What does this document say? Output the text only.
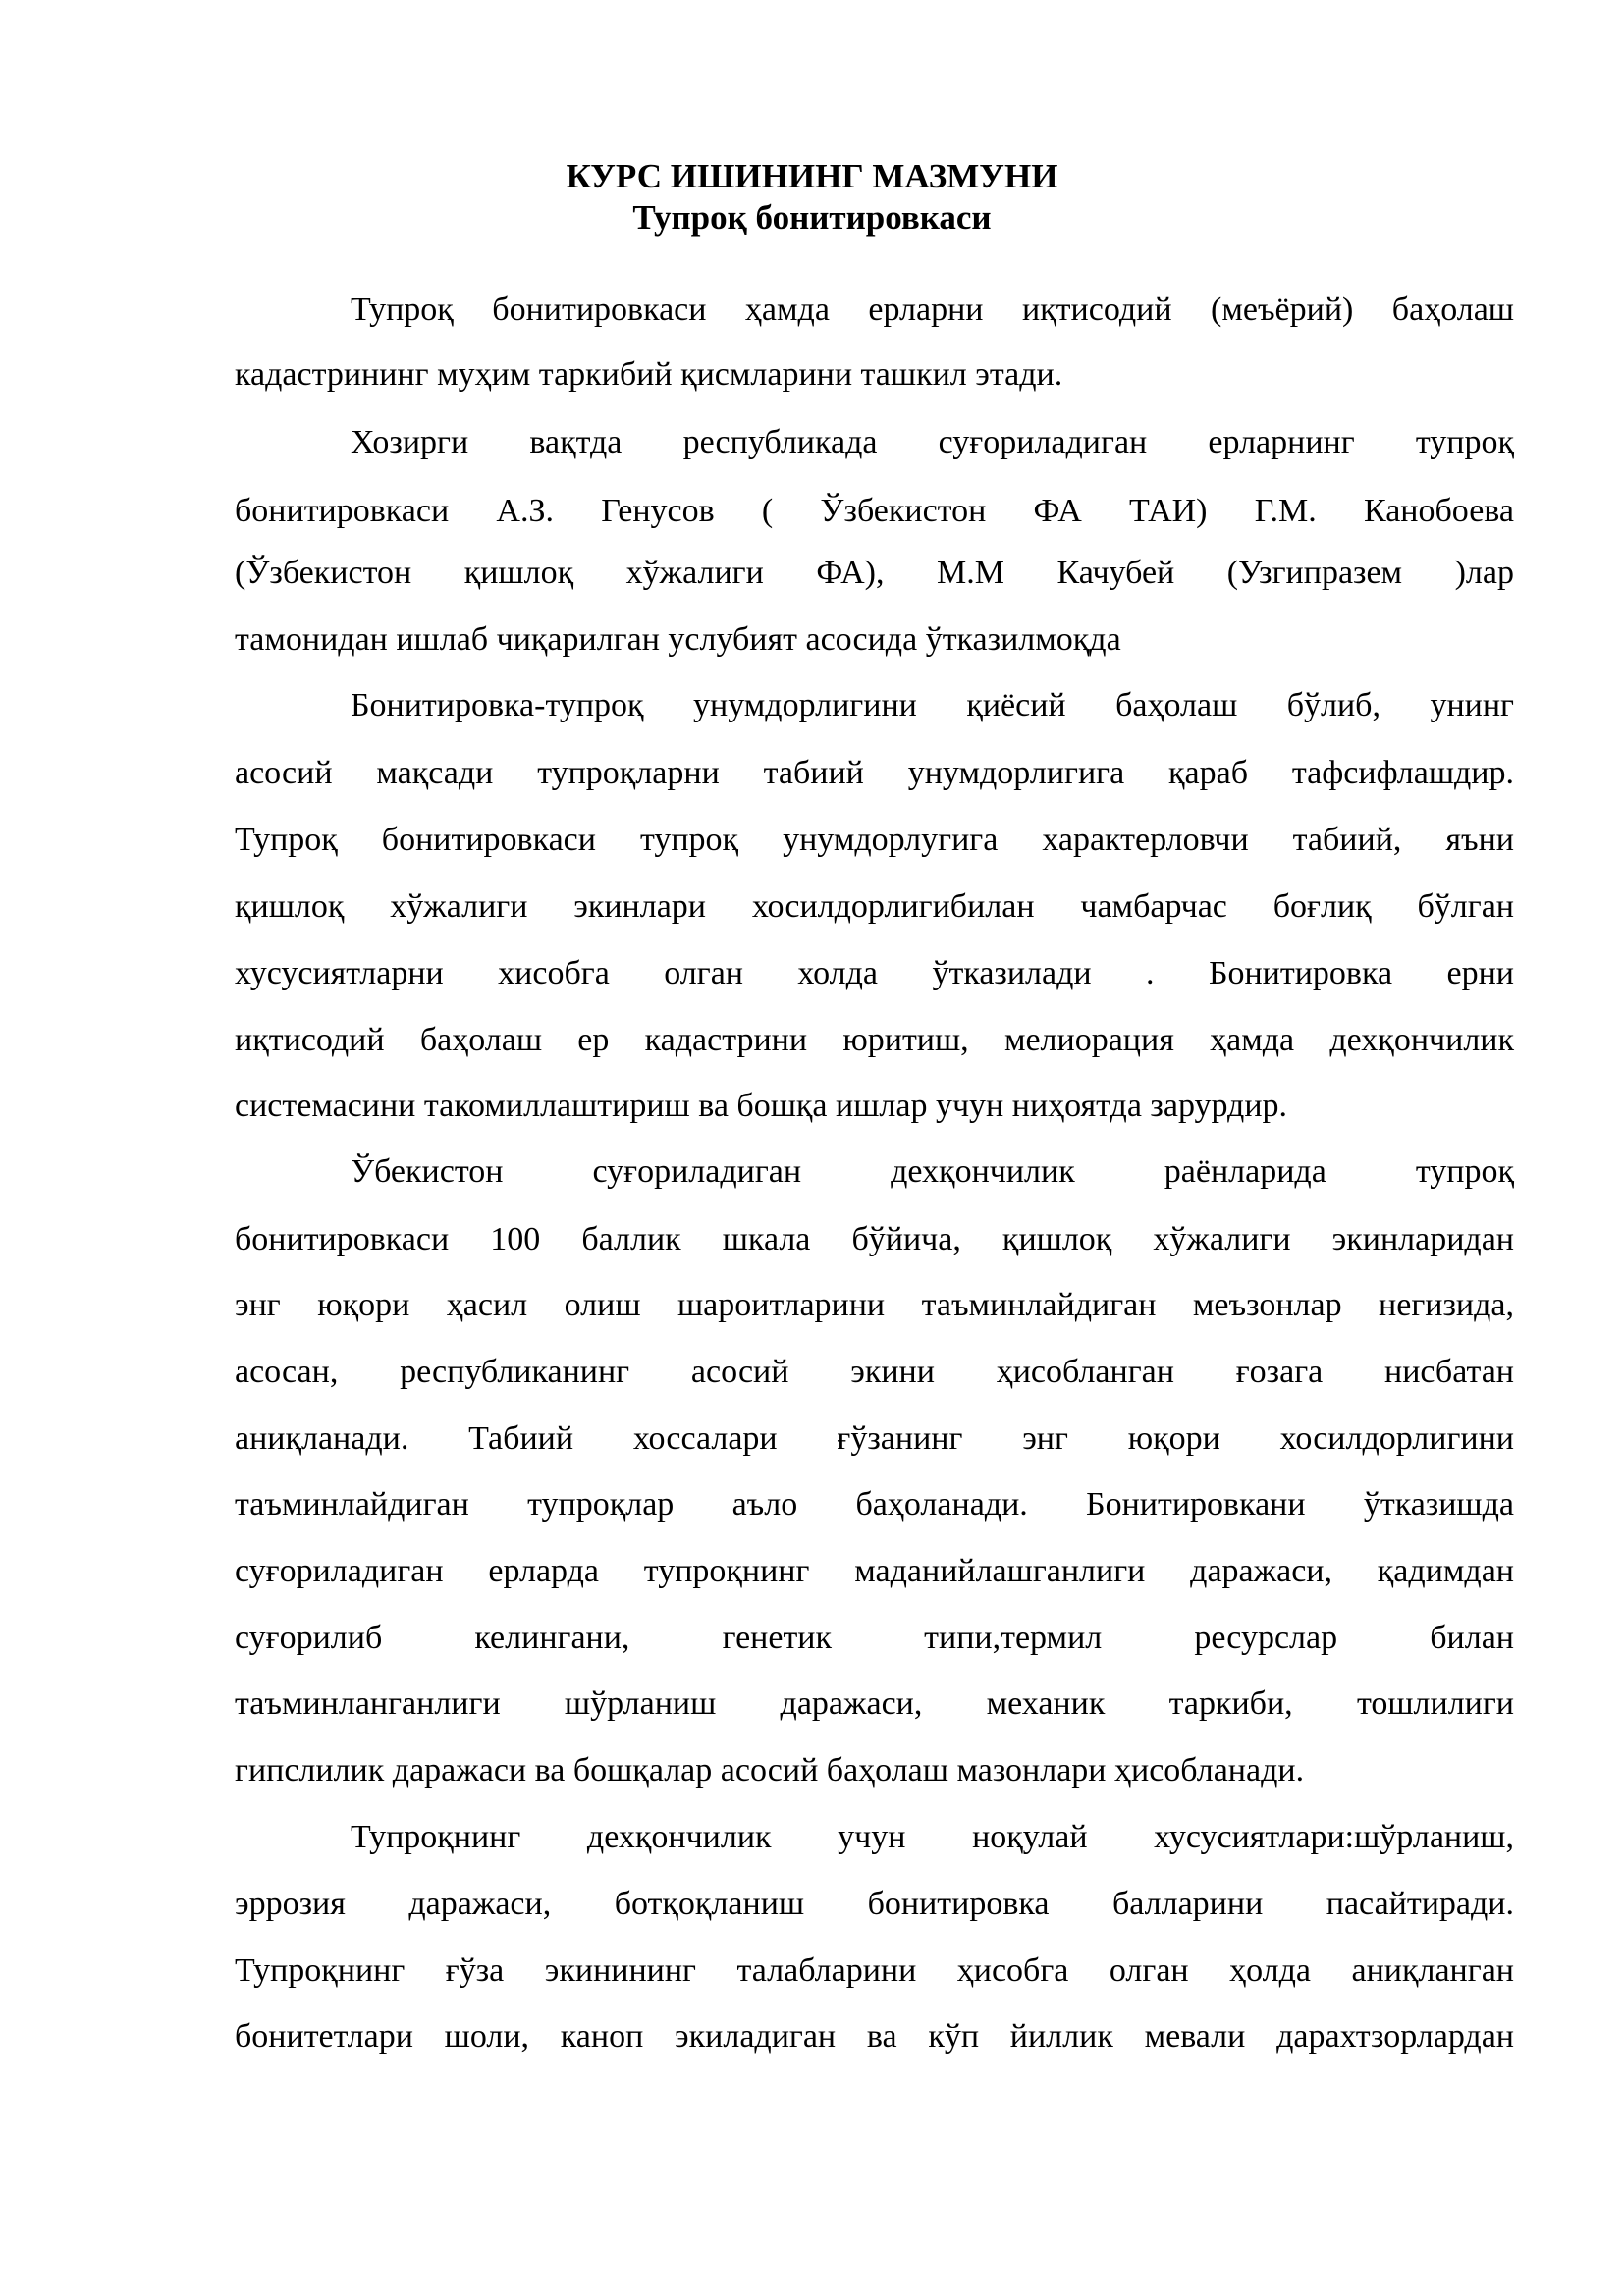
КУРС ИШИНИНГ МАЗМУНИ
Тупроқ бонитировкаси
Тупроқ бонитировкаси ҳамда ерларни иқтисодий (меъёрий) баҳолаш
кадастрининг муҳим таркибий қисмларини ташкил этади.
Хозирги вақтда республикада суғориладиган ерларнинг тупроқ
бонитировкаси А.З. Генусов ( Ўзбекистон ФА ТАИ) Г.М. Канобоева
(Ўзбекистон қишлоқ хўжалиги ФА), М.М Качубей (Узгипразем )лар
тамонидан ишлаб чиқарилган услубият асосида ўтказилмоқда
Бонитировка-тупроқ унумдорлигини қиёсий баҳолаш бўлиб, унинг
асосий мақсади тупроқларни табиий унумдорлигига қараб тафсифлашдир.
Тупроқ бонитировкаси тупроқ унумдорлугига характерловчи табиий, яъни
қишлоқ хўжалиги экинлари хосилдорлигибилан чамбарчас боғлиқ бўлган
хусусиятларни хисобга олган холда ўтказилади . Бонитировка ерни
иқтисодий баҳолаш ер кадастрини юритиш, мелиорация ҳамда дехқончилик
системасини такомиллаштириш ва бошқа ишлар учун ниҳоятда зарурдир.
Ўбекистон суғориладиган дехқончилик раёнларида тупроқ
бонитировкаси 100 баллик шкала бўйича, қишлоқ хўжалиги экинларидан
энг юқори ҳасил олиш шароитларини таъминлайдиган меъзонлар негизида,
асосан, республиканинг асосий экини ҳисобланган ғозага нисбатан
аниқланади. Табиий хоссалари ғўзанинг энг юқори хосилдорлигини
таъминлайдиган тупроқлар аъло баҳоланади. Бонитировкани ўтказишда
суғориладиган ерларда тупроқнинг маданийлашганлиги даражаси, қадимдан
суғорилиб келингани, генетик типи,термил ресурслар билан
таъминланганлиги шўрланиш даражаси, механик таркиби, тошлилиги
гипслилик даражаси ва бошқалар асосий баҳолаш мазонлари ҳисобланади.
Тупроқнинг дехқончилик учун ноқулай хусусиятлари:шўрланиш,
эррозия даражаси, ботқоқланиш бонитировка балларини пасайтиради.
Тупроқнинг ғўза экинининг талабларини ҳисобга олган ҳолда аниқланган
бонитетлари шоли, каноп экиладиган ва кўп йиллик мевали дарахтзорлардан
